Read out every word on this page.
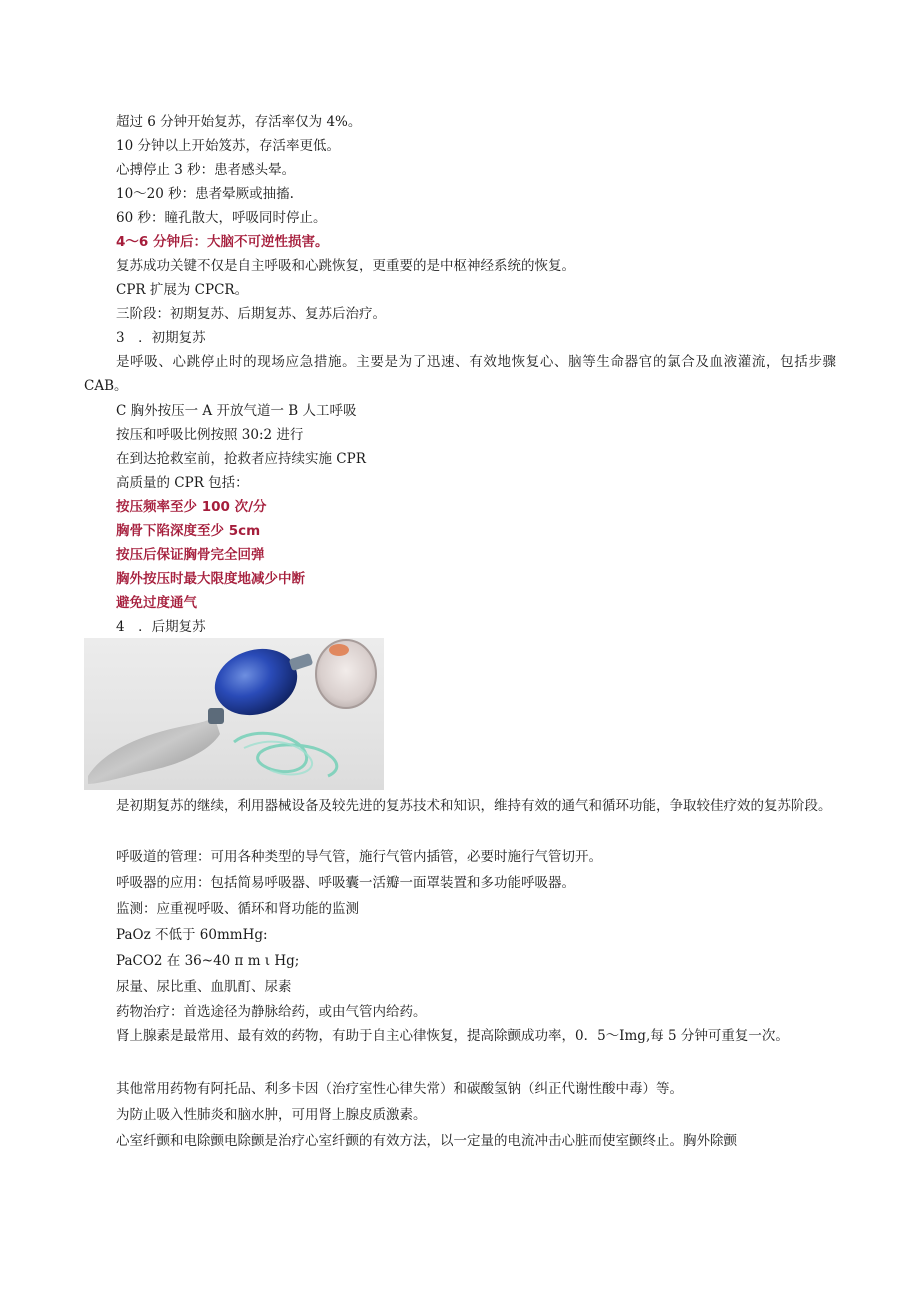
超过 6 分钟开始复苏，存活率仅为 4%。

10 分钟以上开始笈苏，存活率更低。

心搏停止 3 秒：患者感头晕。

10～20 秒：患者晕厥或抽搐.

60 秒：瞳孔散大，呼吸同时停止。

4～6 分钟后：大脑不可逆性损害。

复苏成功关键不仅是自主呼吸和心跳恢复，更重要的是中枢神经系统的恢复。

CPR 扩展为 CPCR。

三阶段：初期复苏、后期复苏、复苏后治疗。

3　．初期复苏

是呼吸、心跳停止时的现场应急措施。主要是为了迅速、有效地恢复心、脑等生命器官的氯合及血液灌流，包括步骤 CAB。

C 胸外按压一 A 开放气道一 B 人工呼吸

按压和呼吸比例按照 30:2 进行

在到达抢救室前，抢救者应持续实施 CPR

高质量的 CPR 包括：

按压频率至少 100 次/分

胸骨下陷深度至少 5cm

按压后保证胸骨完全回弹

胸外按压时最大限度地减少中断

避免过度通气

4　．后期复苏

是初期复苏的继续，利用器械设备及较先进的复苏技术和知识，维持有效的通气和循环功能，争取较佳疗效的复苏阶段。

呼吸道的管理：可用各种类型的导气管，施行气管内插管，必要时施行气管切开。

呼吸器的应用：包括简易呼吸器、呼吸囊一活瓣一面罩装置和多功能呼吸器。

监测：应重视呼吸、循环和肾功能的监测

PaOz 不低于 60mmHg:

PaCO2 在 36~40 π m ι Hg;

尿量、尿比重、血肌酊、尿素

药物治疗：首选途径为静脉给药，或由气管内给药。

肾上腺素是最常用、最有效的药物，有助于自主心律恢复，提高除颤成功率，0．5～Img,每 5 分钟可重复一次。

其他常用药物有阿托品、利多卡因（治疗室性心律失常）和碳酸氢钠（纠正代谢性酸中毒）等。

为防止吸入性肺炎和脑水肿，可用肾上腺皮质激素。

心室纤颤和电除颤电除颤是治疗心室纤颤的有效方法，以一定量的电流冲击心脏而使室颤终止。胸外除颤
